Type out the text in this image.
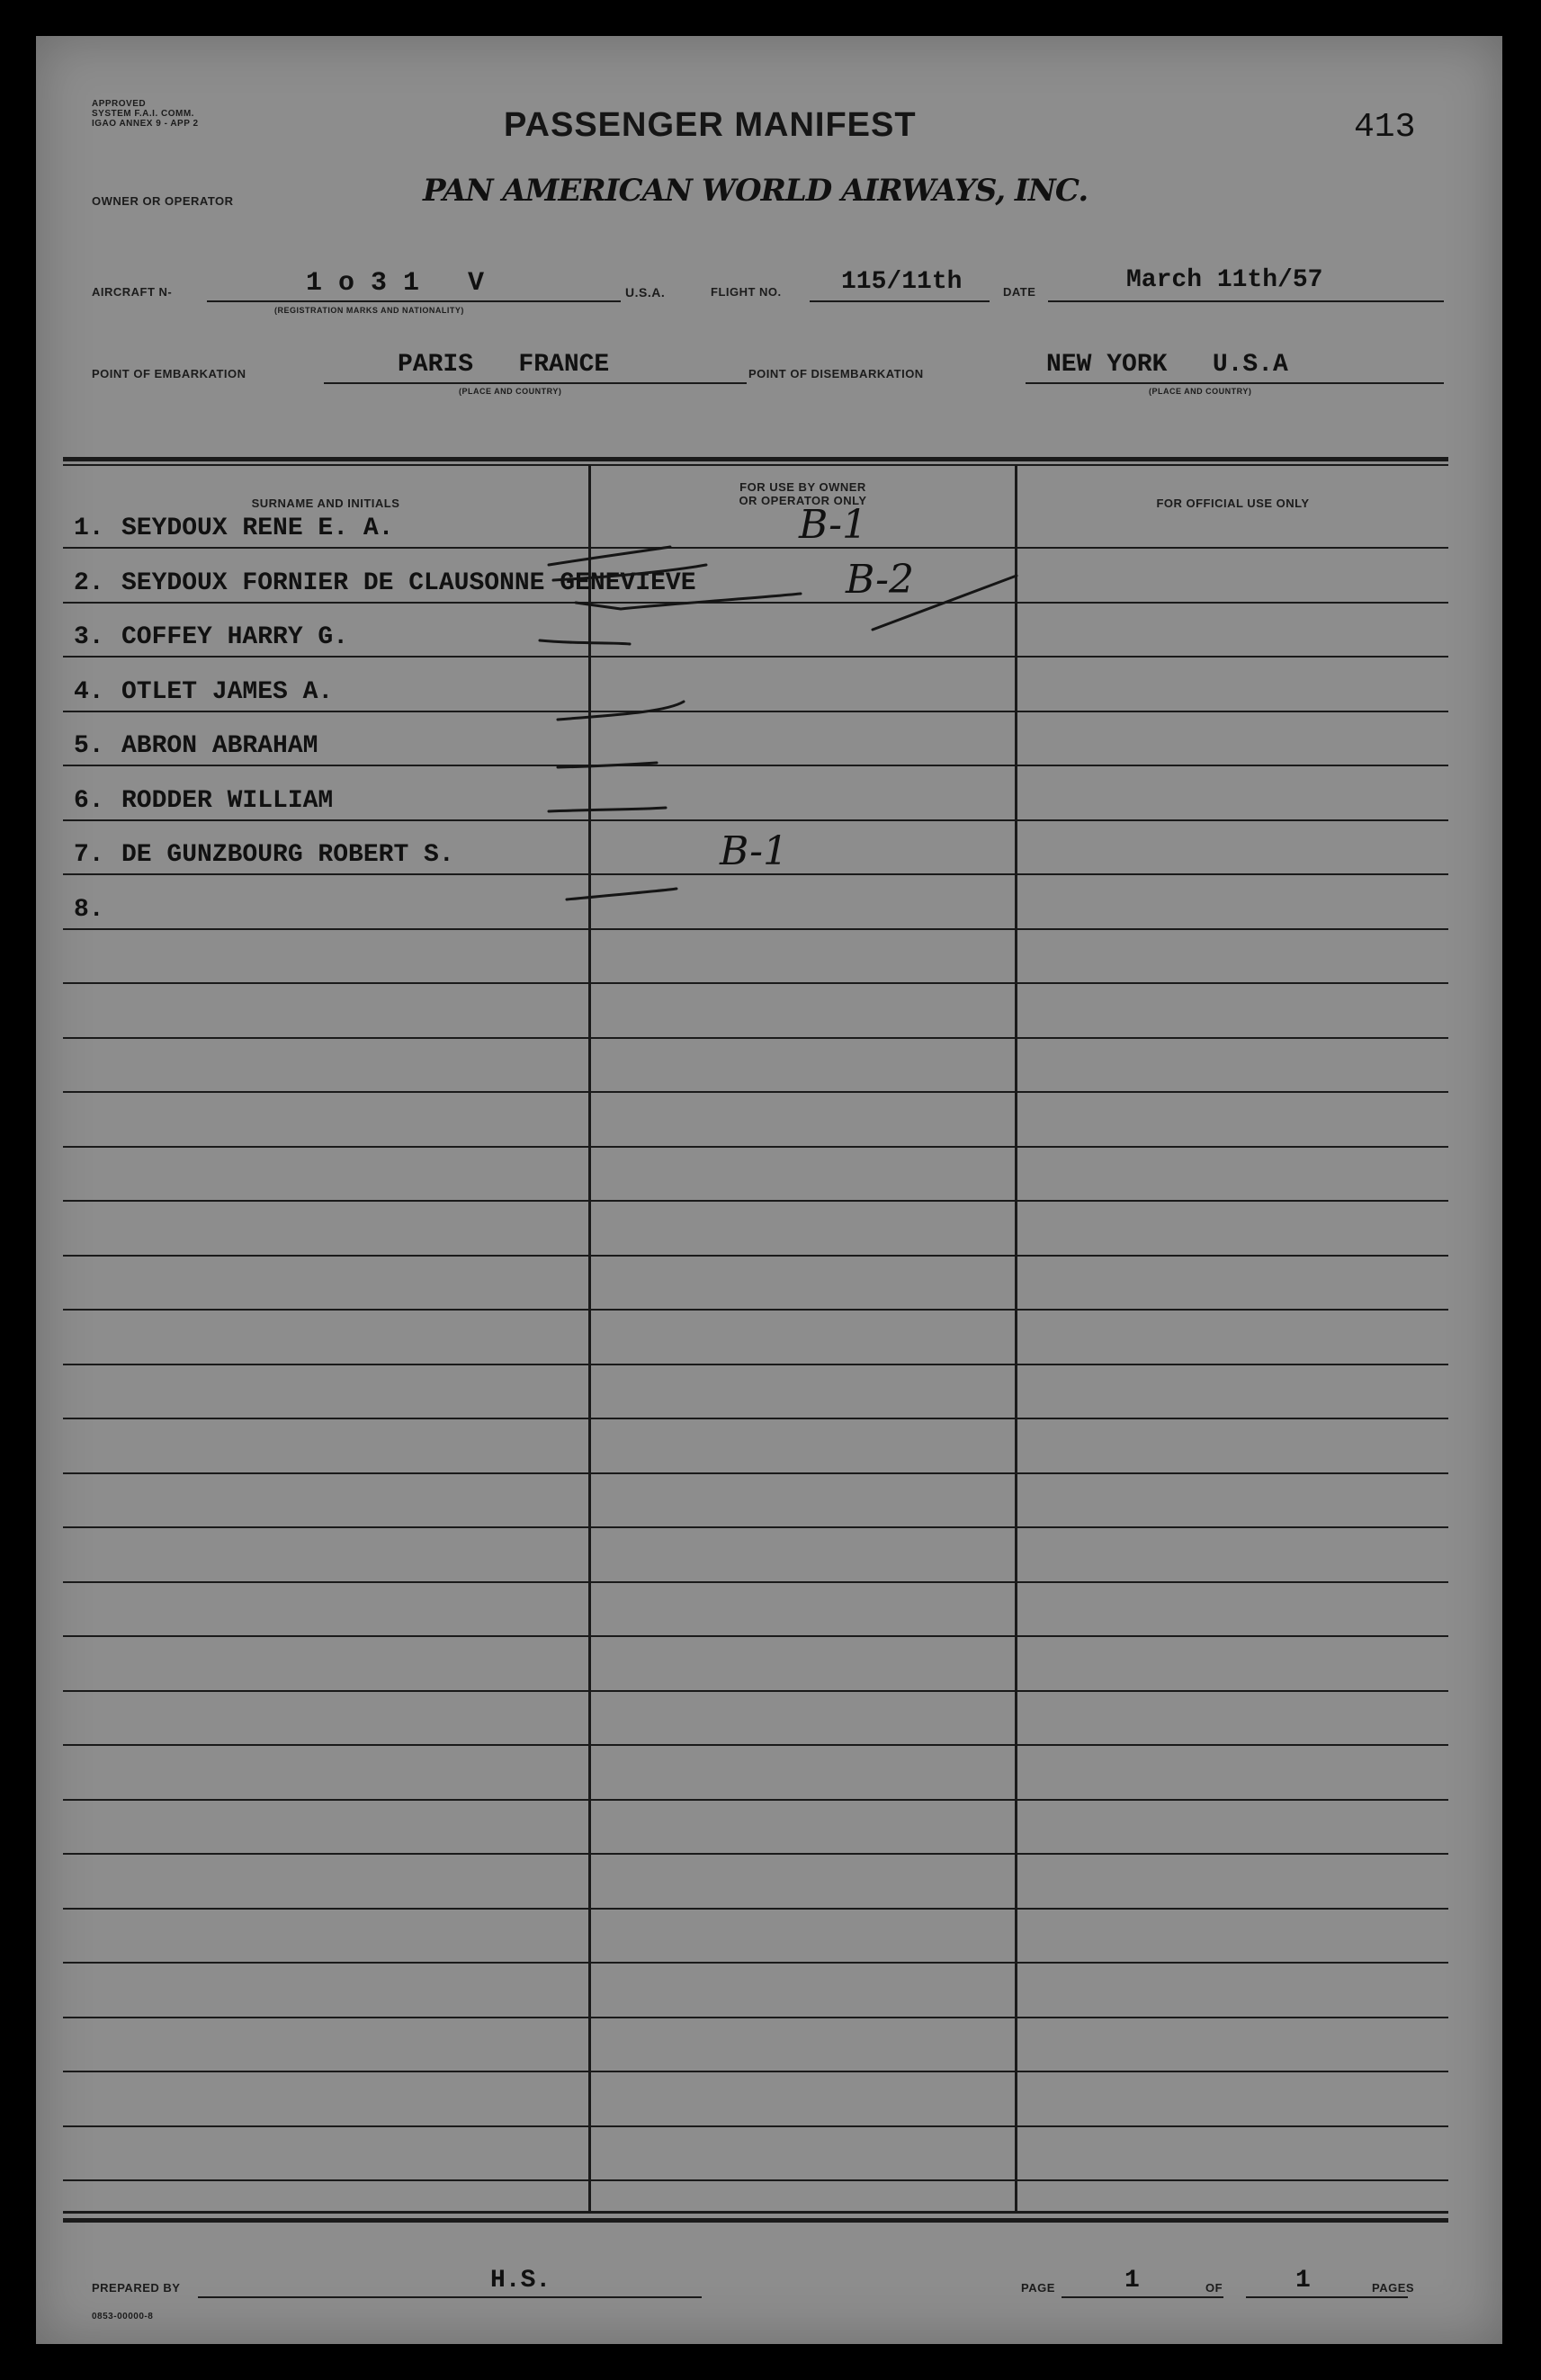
APPROVED
SYSTEM F.A.I. COMM.
IGAO ANNEX 9 - APP 2	PASSENGER MANIFEST	413
OWNER OR OPERATOR	PAN AMERICAN WORLD AIRWAYS, INC.
AIRCRAFT N-	1 o 3 1   V
(REGISTRATION MARKS AND NATIONALITY)
U.S.A.	FLIGHT NO. 115/11th	DATE	March 11th/57
POINT OF EMBARKATION	PARIS   FRANCE
(PLACE AND COUNTRY)
POINT OF DISEMBARKATION	NEW YORK   U.S.A
(PLACE AND COUNTRY)
SURNAME AND INITIALS
FOR USE BY OWNER
OR OPERATOR ONLY	FOR OFFICIAL USE ONLY
1. SEYDOUX RENE E. A.	B-1
2. SEYDOUX FORNIER DE CLAUSONNE GENEVIEVE	B-2
3. COFFEY HARRY G.
4. OTLET JAMES A.
5. ABRON ABRAHAM
6. RODDER WILLIAM
7. DE GUNZBOURG ROBERT S.	B-1
8.
PREPARED BY	H.S.
0853-00000-8
PAGE	1	OF	1	PAGES
